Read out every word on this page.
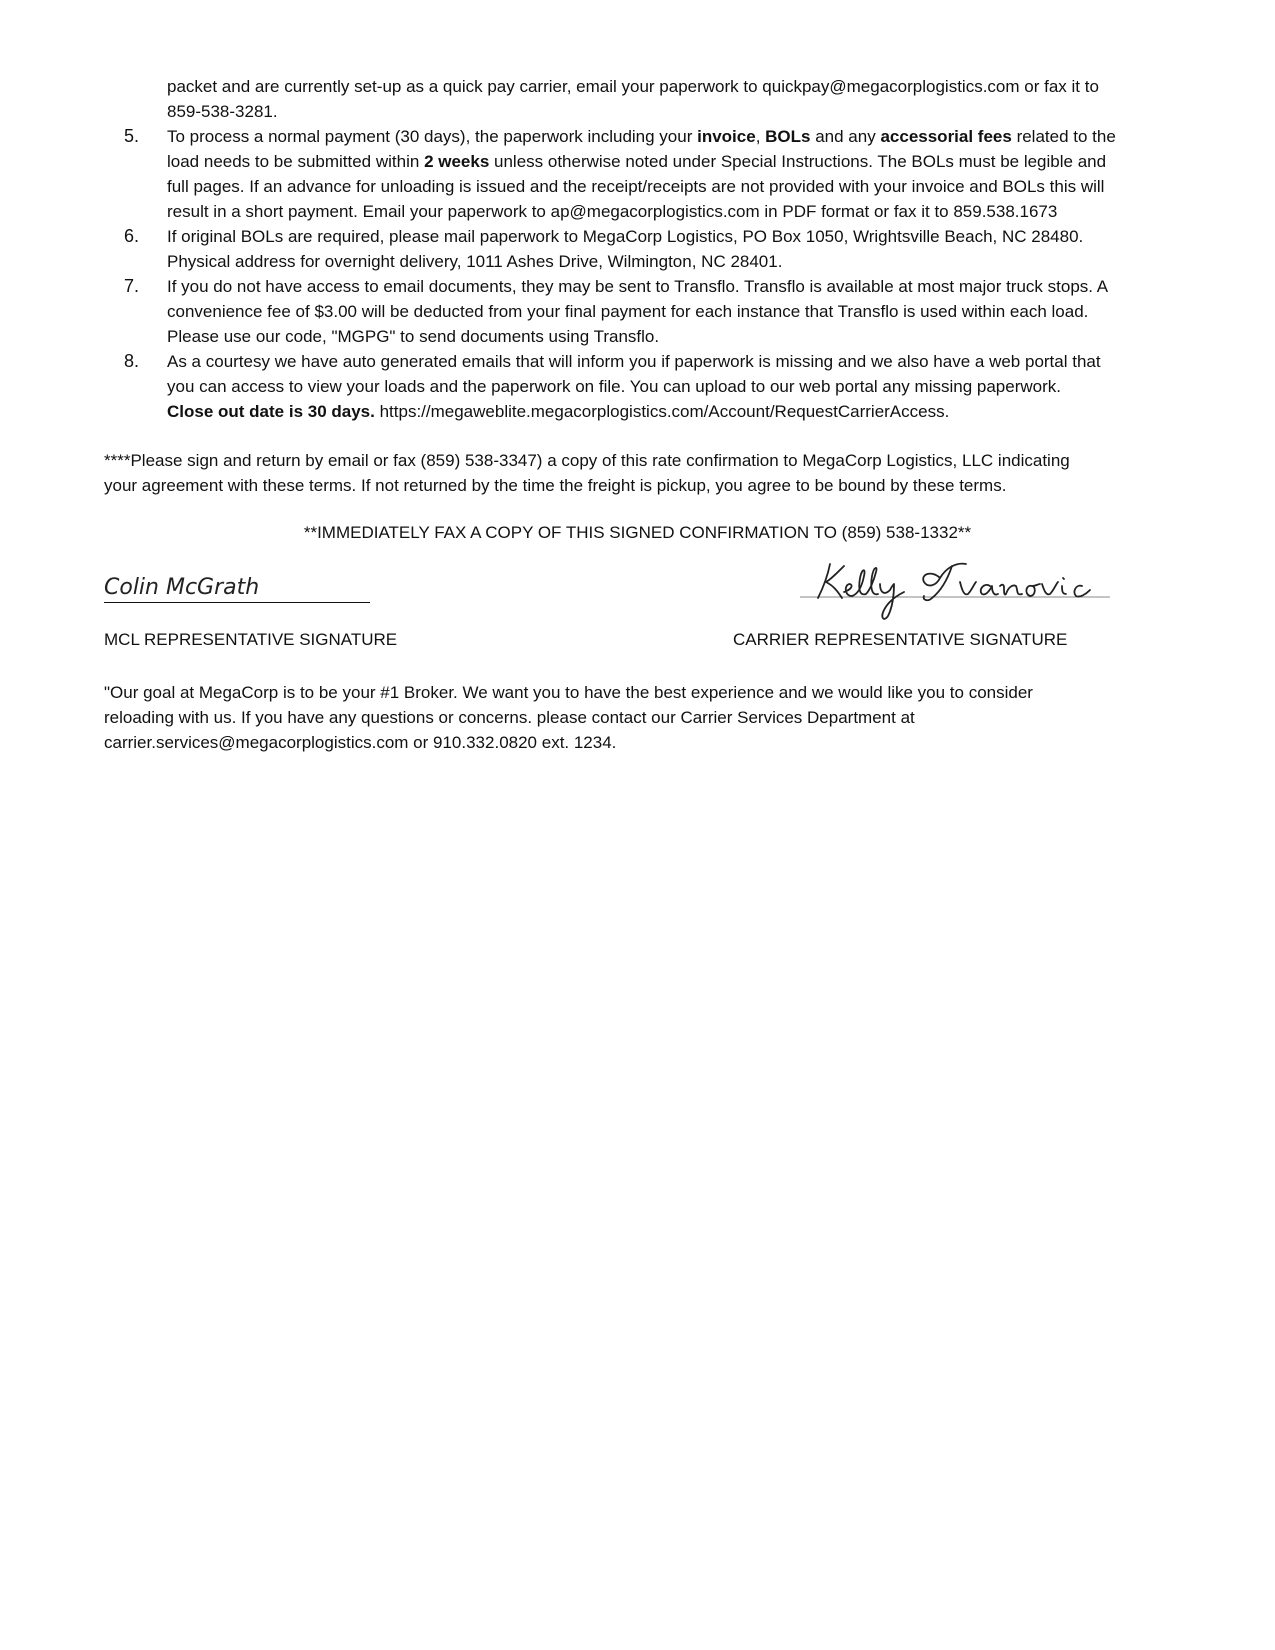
packet and are currently set-up as a quick pay carrier, email your paperwork to quickpay@megacorplogistics.com or fax it to
859-538-3281.
5. To process a normal payment (30 days), the paperwork including your invoice, BOLs and any accessorial fees related to the
load needs to be submitted within 2 weeks unless otherwise noted under Special Instructions. The BOLs must be legible and
full pages. If an advance for unloading is issued and the receipt/receipts are not provided with your invoice and BOLs this will
result in a short payment. Email your paperwork to ap@megacorplogistics.com in PDF format or fax it to 859.538.1673
6. If original BOLs are required, please mail paperwork to MegaCorp Logistics, PO Box 1050, Wrightsville Beach, NC 28480.
Physical address for overnight delivery, 1011 Ashes Drive, Wilmington, NC 28401.
7. If you do not have access to email documents, they may be sent to Transflo. Transflo is available at most major truck stops. A
convenience fee of $3.00 will be deducted from your final payment for each instance that Transflo is used within each load.
Please use our code, "MGPG" to send documents using Transflo.
8. As a courtesy we have auto generated emails that will inform you if paperwork is missing and we also have a web portal that
you can access to view your loads and the paperwork on file. You can upload to our web portal any missing paperwork.
Close out date is 30 days. https://megaweblite.megacorplogistics.com/Account/RequestCarrierAccess.
****Please sign and return by email or fax (859) 538-3347) a copy of this rate confirmation to MegaCorp Logistics, LLC indicating
your agreement with these terms. If not returned by the time the freight is pickup, you agree to be bound by these terms.
**IMMEDIATELY FAX A COPY OF THIS SIGNED CONFIRMATION TO (859) 538-1332**
Colin McGrath
MCL REPRESENTATIVE SIGNATURE	CARRIER REPRESENTATIVE SIGNATURE
"Our goal at MegaCorp is to be your #1 Broker. We want you to have the best experience and we would like you to consider
reloading with us. If you have any questions or concerns. please contact our Carrier Services Department at
carrier.services@megacorplogistics.com or 910.332.0820 ext. 1234.
